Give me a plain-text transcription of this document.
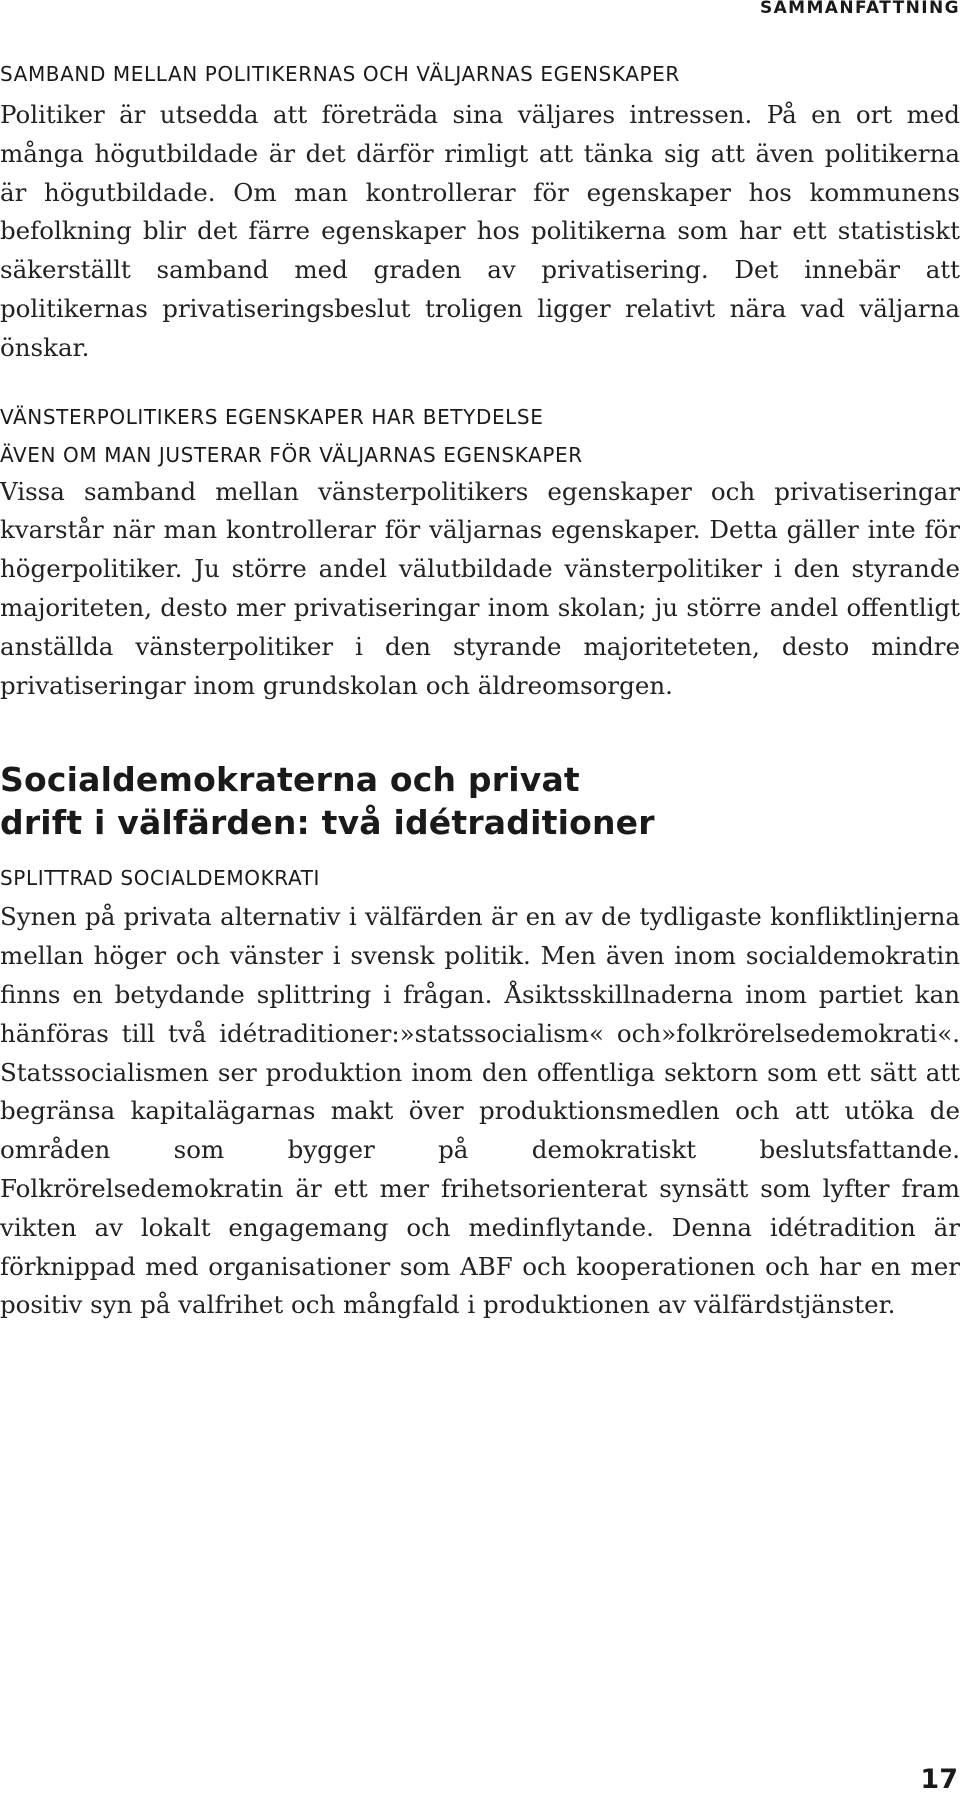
SAMMANFATTNING
SAMBAND MELLAN POLITIKERNAS OCH VÄLJARNAS EGENSKAPER

Politiker är utsedda att företräda sina väljares intressen. På en ort med många högutbildade är det därför rimligt att tänka sig att även politikerna är högutbildade. Om man kontrollerar för egenskaper hos kommunens befolkning blir det färre egenskaper hos politikerna som har ett statistiskt säkerställt samband med graden av privatisering. Det innebär att politikernas privatiseringsbeslut troligen ligger relativt nära vad väljarna önskar.

VÄNSTERPOLITIKERS EGENSKAPER HAR BETYDELSE
ÄVEN OM MAN JUSTERAR FÖR VÄLJARNAS EGENSKAPER

Vissa samband mellan vänsterpolitikers egenskaper och privatiseringar kvarstår när man kontrollerar för väljarnas egenskaper. Detta gäller inte för högerpolitiker. Ju större andel välutbildade vänsterpolitiker i den styrande majoriteten, desto mer privatiseringar inom skolan; ju större andel offentligt anställda vänsterpolitiker i den styrande majoriteteten, desto mindre privatiseringar inom grundskolan och äldreomsorgen.

Socialdemokraterna och privat
drift i välfärden: två idétraditioner
SPLITTRAD SOCIALDEMOKRATI

Synen på privata alternativ i välfärden är en av de tydligaste konfliktlinjerna mellan höger och vänster i svensk politik. Men även inom socialdemokratin finns en betydande splittring i frågan. Åsiktsskillnaderna inom partiet kan hänföras till två idétraditioner:»statssocialism« och»folkrörelsedemokrati«. Statssocialismen ser produktion inom den offentliga sektorn som ett sätt att begränsa kapitalägarnas makt över produktionsmedlen och att utöka de områden som bygger på demokratiskt beslutsfattande. Folkrörelsedemokratin är ett mer frihetsorienterat synsätt som lyfter fram vikten av lokalt engagemang och medinflytande. Denna idétradition är förknippad med organisationer som ABF och kooperationen och har en mer positiv syn på valfrihet och mångfald i produktionen av välfärdstjänster.

17
